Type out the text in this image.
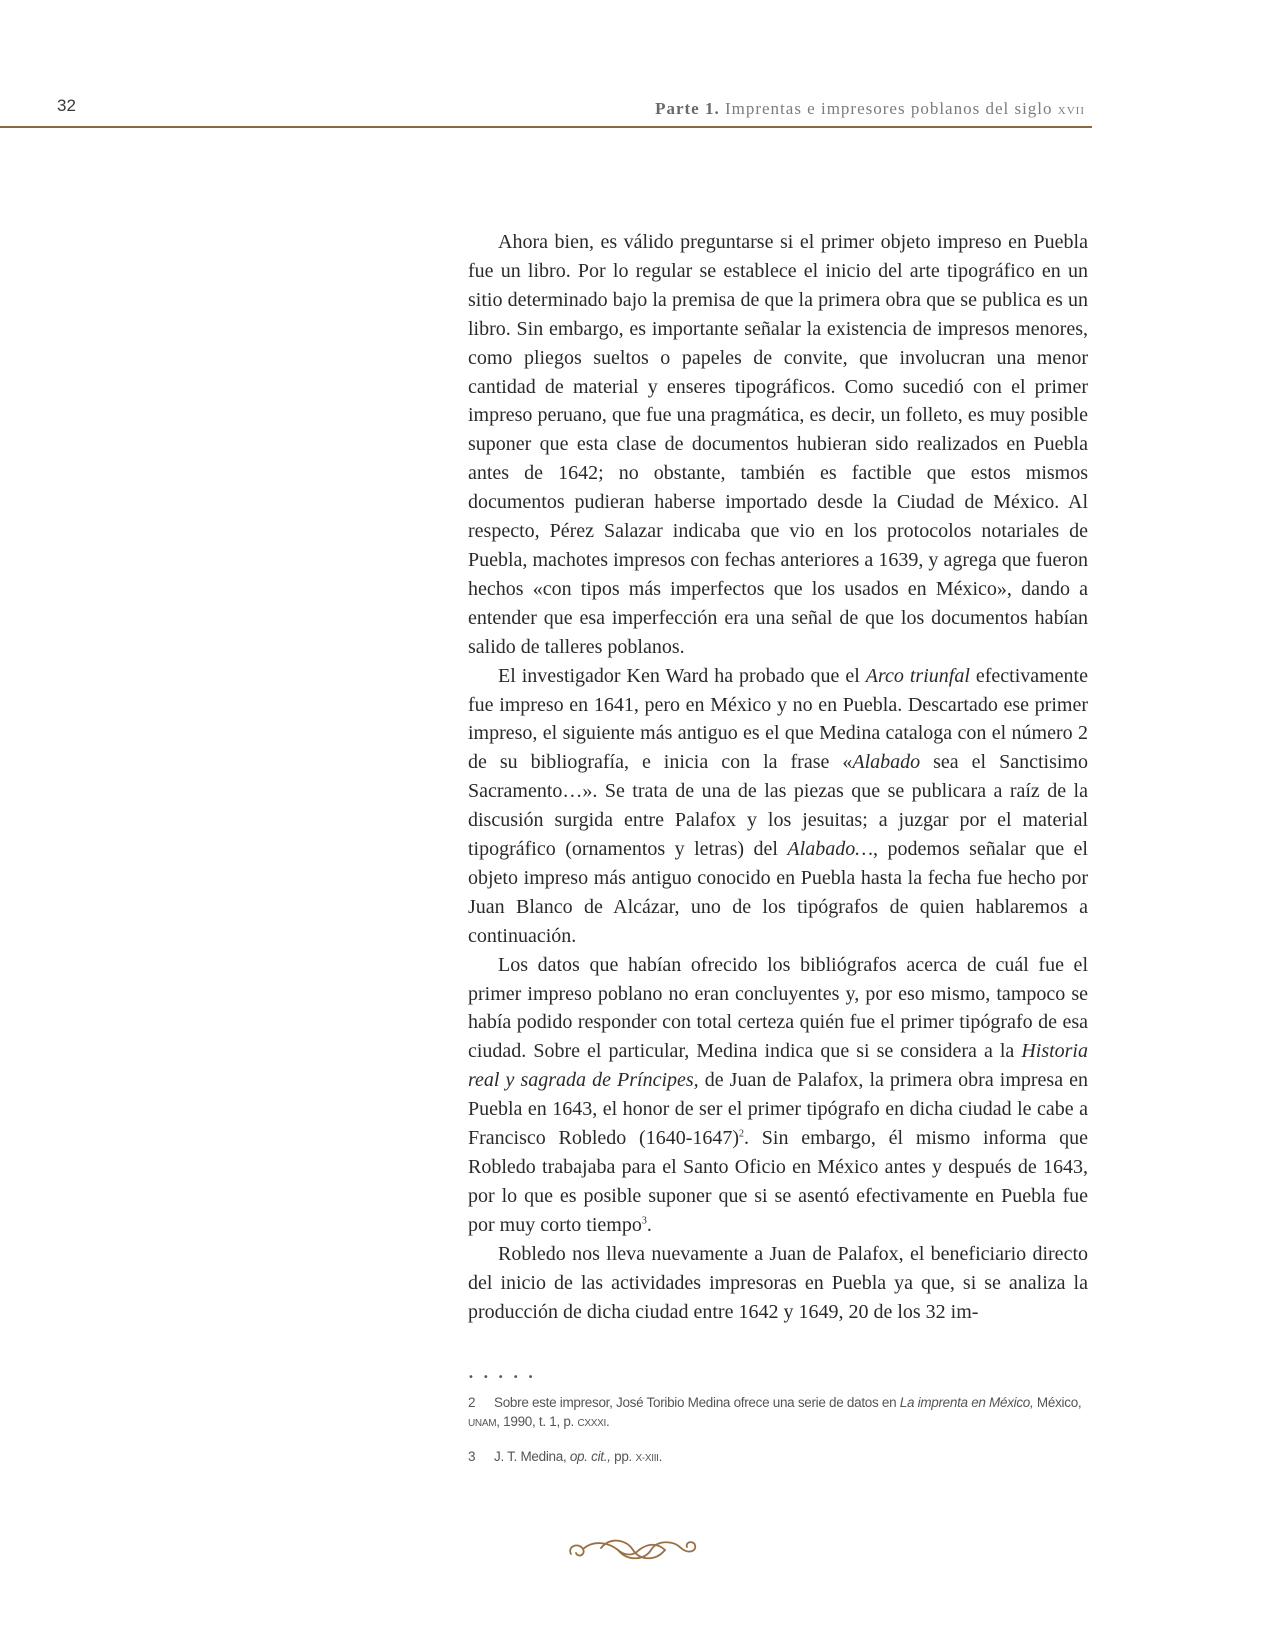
32	Parte 1. Imprentas e impresores poblanos del siglo xvii

Ahora bien, es válido preguntarse si el primer objeto impreso en Puebla fue un libro. Por lo regular se establece el inicio del arte tipográfico en un sitio determinado bajo la premisa de que la primera obra que se publica es un libro. Sin embargo, es importante señalar la existencia de impresos menores, como pliegos sueltos o papeles de convite, que involucran una menor cantidad de material y enseres tipográficos. Como sucedió con el primer impreso peruano, que fue una pragmática, es decir, un folleto, es muy posible suponer que esta clase de documentos hubieran sido realizados en Puebla antes de 1642; no obstante, también es factible que estos mismos documentos pudieran haberse importado desde la Ciudad de México. Al respecto, Pérez Salazar indicaba que vio en los protocolos notariales de Puebla, machotes impresos con fechas anteriores a 1639, y agrega que fueron hechos «con tipos más imperfectos que los usados en México», dando a entender que esa imperfección era una señal de que los documentos habían salido de talleres poblanos.

El investigador Ken Ward ha probado que el Arco triunfal efectivamente fue impreso en 1641, pero en México y no en Puebla. Descartado ese primer impreso, el siguiente más antiguo es el que Medina cataloga con el número 2 de su bibliografía, e inicia con la frase «Alabado sea el Sanctisimo Sacramento…». Se trata de una de las piezas que se publicara a raíz de la discusión surgida entre Palafox y los jesuitas; a juzgar por el material tipográfico (ornamentos y letras) del Alabado…, podemos señalar que el objeto impreso más antiguo conocido en Puebla hasta la fecha fue hecho por Juan Blanco de Alcázar, uno de los tipógrafos de quien hablaremos a continuación.

Los datos que habían ofrecido los bibliógrafos acerca de cuál fue el primer impreso poblano no eran concluyentes y, por eso mismo, tampoco se había podido responder con total certeza quién fue el primer tipógrafo de esa ciudad. Sobre el particular, Medina indica que si se considera a la Historia real y sagrada de Príncipes, de Juan de Palafox, la primera obra impresa en Puebla en 1643, el honor de ser el primer tipógrafo en dicha ciudad le cabe a Francisco Robledo (1640-1647)$^2$. Sin embargo, él mismo informa que Robledo trabajaba para el Santo Oficio en México antes y después de 1643, por lo que es posible suponer que si se asentó efectivamente en Puebla fue por muy corto tiempo$^3$.

Robledo nos lleva nuevamente a Juan de Palafox, el beneficiario directo del inicio de las actividades impresoras en Puebla ya que, si se analiza la producción de dicha ciudad entre 1642 y 1649, 20 de los 32 im-

•••••

2 Sobre este impresor, José Toribio Medina ofrece una serie de datos en La imprenta en México, México, UNAM, 1990, t. 1, p. CXXXI.

3 J. T. Medina, op. cit., pp. X-XIII.
